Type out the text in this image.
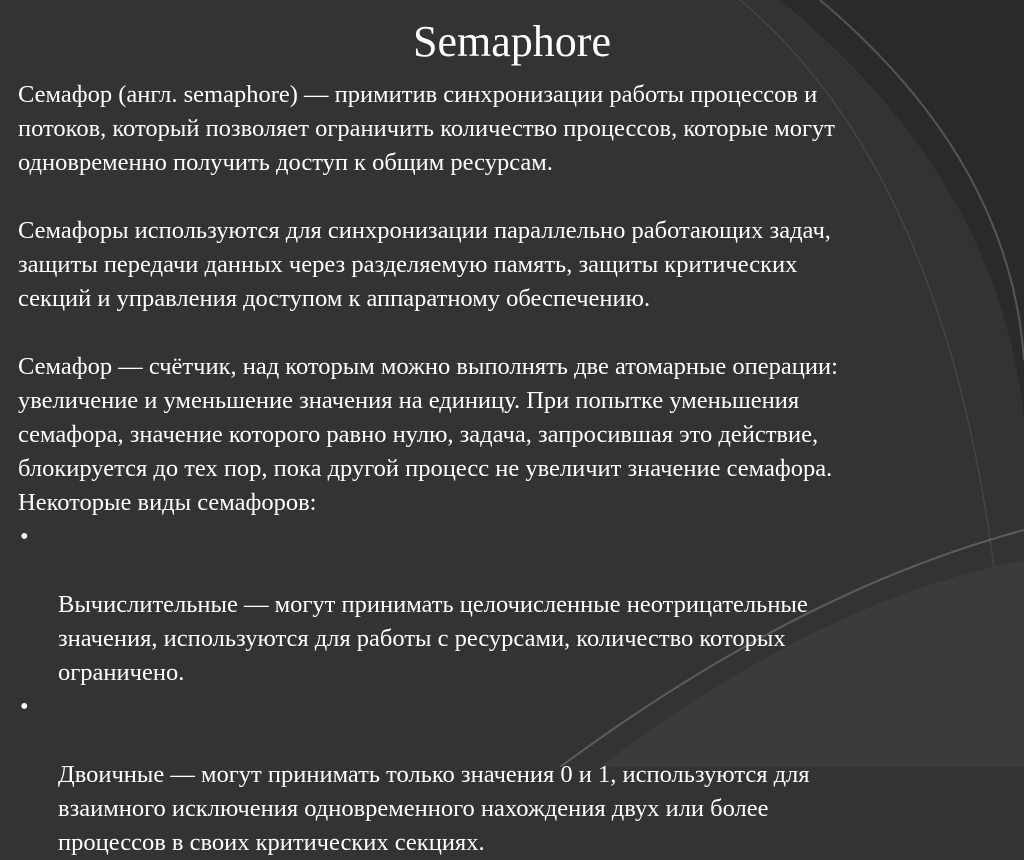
Semaphore

Семафор (англ. semaphore) — примитив синхронизации работы процессов и
потоков, который позволяет ограничить количество процессов, которые могут
одновременно получить доступ к общим ресурсам.

Семафоры используются для синхронизации параллельно работающих задач,
защиты передачи данных через разделяемую память, защиты критических
секций и управления доступом к аппаратному обеспечению.

Семафор — счётчик, над которым можно выполнять две атомарные операции:
увеличение и уменьшение значения на единицу. При попытке уменьшения
семафора, значение которого равно нулю, задача, запросившая это действие,
блокируется до тех пор, пока другой процесс не увеличит значение семафора.

Некоторые виды семафоров:

•

Вычислительные — могут принимать целочисленные неотрицательные
значения, используются для работы с ресурсами, количество которых
ограничено.

•

Двоичные — могут принимать только значения 0 и 1, используются для
взаимного исключения одновременного нахождения двух или более
процессов в своих критических секциях.
